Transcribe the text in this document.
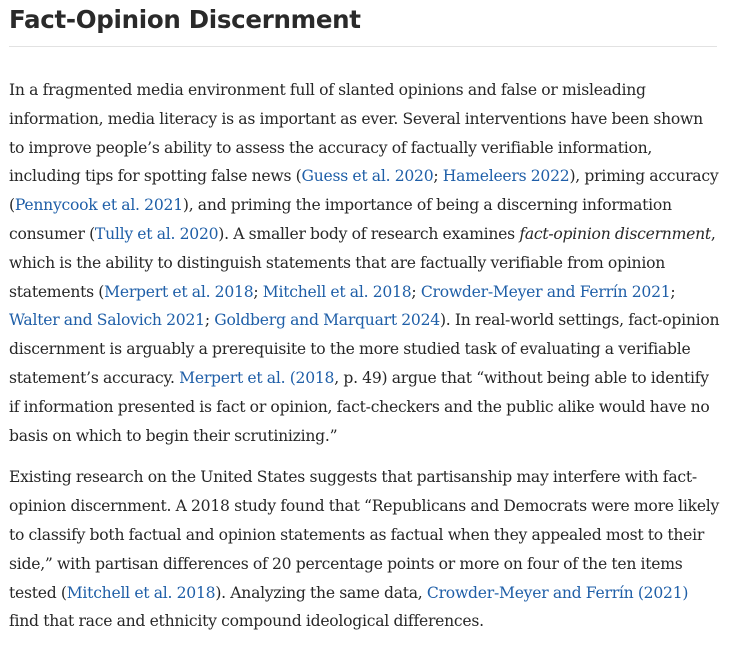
Fact-Opinion Discernment

In a fragmented media environment full of slanted opinions and false or misleading information, media literacy is as important as ever. Several interventions have been shown to improve people’s ability to assess the accuracy of factually verifiable information, including tips for spotting false news (Guess et al. 2020; Hameleers 2022), priming accuracy (Pennycook et al. 2021), and priming the importance of being a discerning information consumer (Tully et al. 2020). A smaller body of research examines fact-opinion discernment, which is the ability to distinguish statements that are factually verifiable from opinion statements (Merpert et al. 2018; Mitchell et al. 2018; Crowder-Meyer and Ferrín 2021; Walter and Salovich 2021; Goldberg and Marquart 2024). In real-world settings, fact-opinion discernment is arguably a prerequisite to the more studied task of evaluating a verifiable statement’s accuracy. Merpert et al. (2018, p. 49) argue that “without being able to identify if information presented is fact or opinion, fact-checkers and the public alike would have no basis on which to begin their scrutinizing.”

Existing research on the United States suggests that partisanship may interfere with fact-opinion discernment. A 2018 study found that “Republicans and Democrats were more likely to classify both factual and opinion statements as factual when they appealed most to their side,” with partisan differences of 20 percentage points or more on four of the ten items tested (Mitchell et al. 2018). Analyzing the same data, Crowder-Meyer and Ferrín (2021) find that race and ethnicity compound ideological differences.
